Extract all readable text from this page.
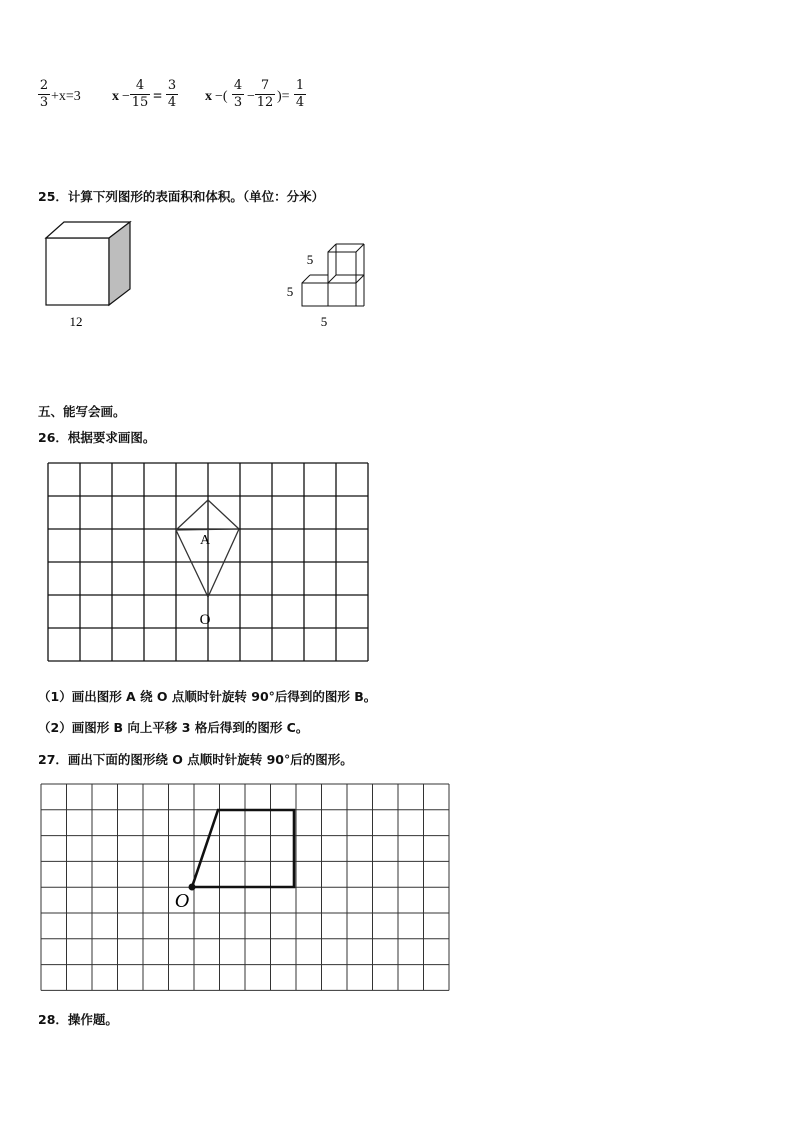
2
3 +x=3 x −
4
15 =
3
4 x −(
4
3 −
7
12 )=
1
4
25．计算下列图形的表面积和体积。（单位：分米）
12
5
5
5
五、能写会画。
26．根据要求画图。
A
O
（1）画出图形 A 绕 O 点顺时针旋转 90°后得到的图形 B。
（2）画图形 B 向上平移 3 格后得到的图形 C。
27．画出下面的图形绕 O 点顺时针旋转 90°后的图形。
O
28．操作题。
